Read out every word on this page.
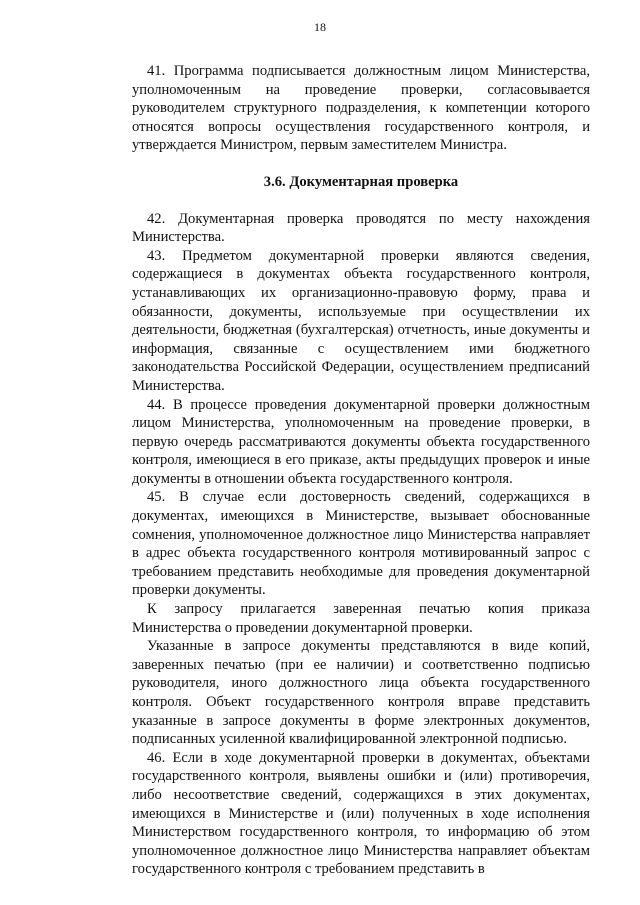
18

41. Программа подписывается должностным лицом Министерства, уполномоченным на проведение проверки, согласовывается руководителем структурного подразделения, к компетенции которого относятся вопросы осуществления государственного контроля, и утверждается Министром, первым заместителем Министра.

3.6. Документарная проверка

42. Документарная проверка проводятся по месту нахождения Министерства.

43. Предметом документарной проверки являются сведения, содержащиеся в документах объекта государственного контроля, устанавливающих их организационно-правовую форму, права и обязанности, документы, используемые при осуществлении их деятельности, бюджетная (бухгалтерская) отчетность, иные документы и информация, связанные с осуществлением ими бюджетного законодательства Российской Федерации, осуществлением предписаний Министерства.

44. В процессе проведения документарной проверки должностным лицом Министерства, уполномоченным на проведение проверки, в первую очередь рассматриваются документы объекта государственного контроля, имеющиеся в его приказе, акты предыдущих проверок и иные документы в отношении объекта государственного контроля.

45. В случае если достоверность сведений, содержащихся в документах, имеющихся в Министерстве, вызывает обоснованные сомнения, уполномоченное должностное лицо Министерства направляет в адрес объекта государственного контроля мотивированный запрос с требованием представить необходимые для проведения документарной проверки документы.

К запросу прилагается заверенная печатью копия приказа Министерства о проведении документарной проверки.

Указанные в запросе документы представляются в виде копий, заверенных печатью (при ее наличии) и соответственно подписью руководителя, иного должностного лица объекта государственного контроля. Объект государственного контроля вправе представить указанные в запросе документы в форме электронных документов, подписанных усиленной квалифицированной электронной подписью.

46. Если в ходе документарной проверки в документах, объектами государственного контроля, выявлены ошибки и (или) противоречия, либо несоответствие сведений, содержащихся в этих документах, имеющихся в Министерстве и (или) полученных в ходе исполнения Министерством государственного контроля, то информацию об этом уполномоченное должностное лицо Министерства направляет объектам государственного контроля с требованием представить в
